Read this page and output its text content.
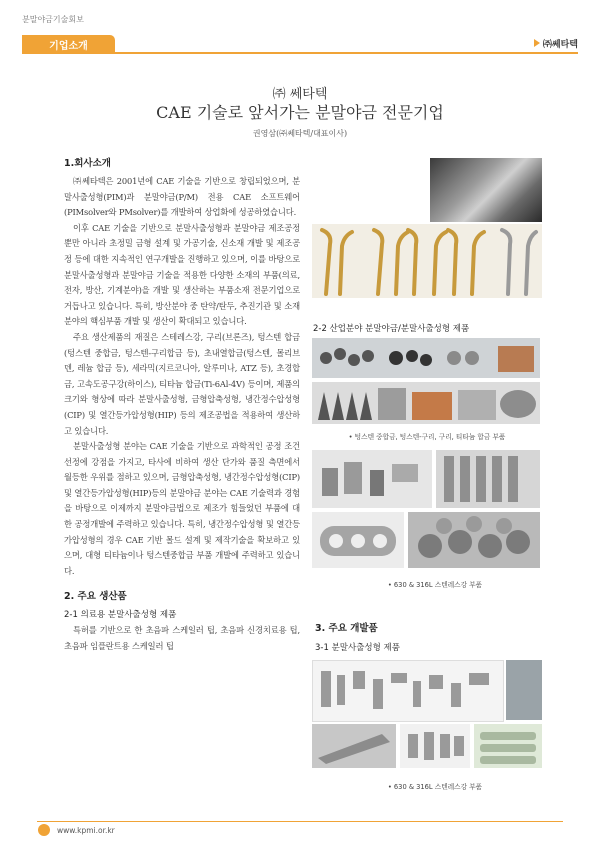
분말야금기술회보
기업소개	㈜쎄타텍
㈜ 쎄타텍
CAE 기술로 앞서가는 분말야금 전문기업
권영삼(㈜쎄타텍/대표이사)

1.회사소개

㈜쎄타텍은 2001년에 CAE 기술을 기반으로 창립되었으며, 분말사출성형(PIM)과 분말야금(P/M) 전용 CAE 소프트웨어(PIMsolver와 PMsolver)를 개발하여 상업화에 성공하였습니다.

이후 CAE 기술을 기반으로 분말사출성형과 분말야금 제조공정뿐만 아니라 초정밀 금형 설계 및 가공기술, 신소재 개발 및 제조공정 등에 대한 지속적인 연구개발을 진행하고 있으며, 이를 바탕으로 분말사출성형과 분말야금 기술을 적용한 다양한 소재의 부품(의료, 전자, 방산, 기계분야)을 개발 및 생산하는 부품소재 전문기업으로 거듭나고 있습니다. 특히, 방산분야 중 탄약/탄두, 추진기관 및 소재분야의 핵심부품 개발 및 생산이 확대되고 있습니다.

주요 생산제품의 재질은 스테레스강, 구리(브론즈), 텅스텐 합금(텅스텐 중합금, 텅스텐-구리합금 등), 초내열합금(텅스텐, 몰리브덴, 레늄 합금 등), 세라믹(지르코니아, 알루미나, ATZ 등), 초경합금, 고속도공구강(하이스), 티타늄 합금(Ti-6Al-4V) 등이며, 제품의 크기와 형상에 따라 분말사출성형, 금형압축성형, 냉간정수압성형(CIP) 및 열간등가압성형(HIP) 등의 제조공법을 적용하여 생산하고 있습니다.

분말사출성형 분야는 CAE 기술을 기반으로 과학적인 공정 조건 선정에 강점을 가지고, 타사에 비하여 생산 단가와 품질 측면에서 월등한 우위를 점하고 있으며, 금형압축성형, 냉간정수압성형(CIP) 및 열간등가압성형(HIP)등의 분말야금 분야는 CAE 기술력과 경험을 바탕으로 이제까지 분말야금법으로 제조가 힘들었던 부품에 대한 공정개발에 주력하고 있습니다. 특히, 냉간정수압성형 및 열간등가압성형의 경우 CAE 기반 몰드 설계 및 제작기술을 확보하고 있으며, 대형 티타늄이나 텅스텐중합금 부품 개발에 주력하고 있습니다.

2. 주요 생산품

2-1 의료용 분말사출성형 제품

특허를 기반으로 한 초음파 스케일러 팁, 초음파 신경치료용 팁, 초음파 임플란트용 스케일러 팁

2-2 산업분야 분말야금/분말사출성형 제품
• 텅스텐 중합금, 텅스텐-구리, 구리, 티타늄 합금 부품
• 630 & 316L 스텐레스강 부품
3. 주요 개발품
3-1 분말사출성형 제품
• 630 & 316L 스텐레스강 부품
www.kpmi.or.kr
